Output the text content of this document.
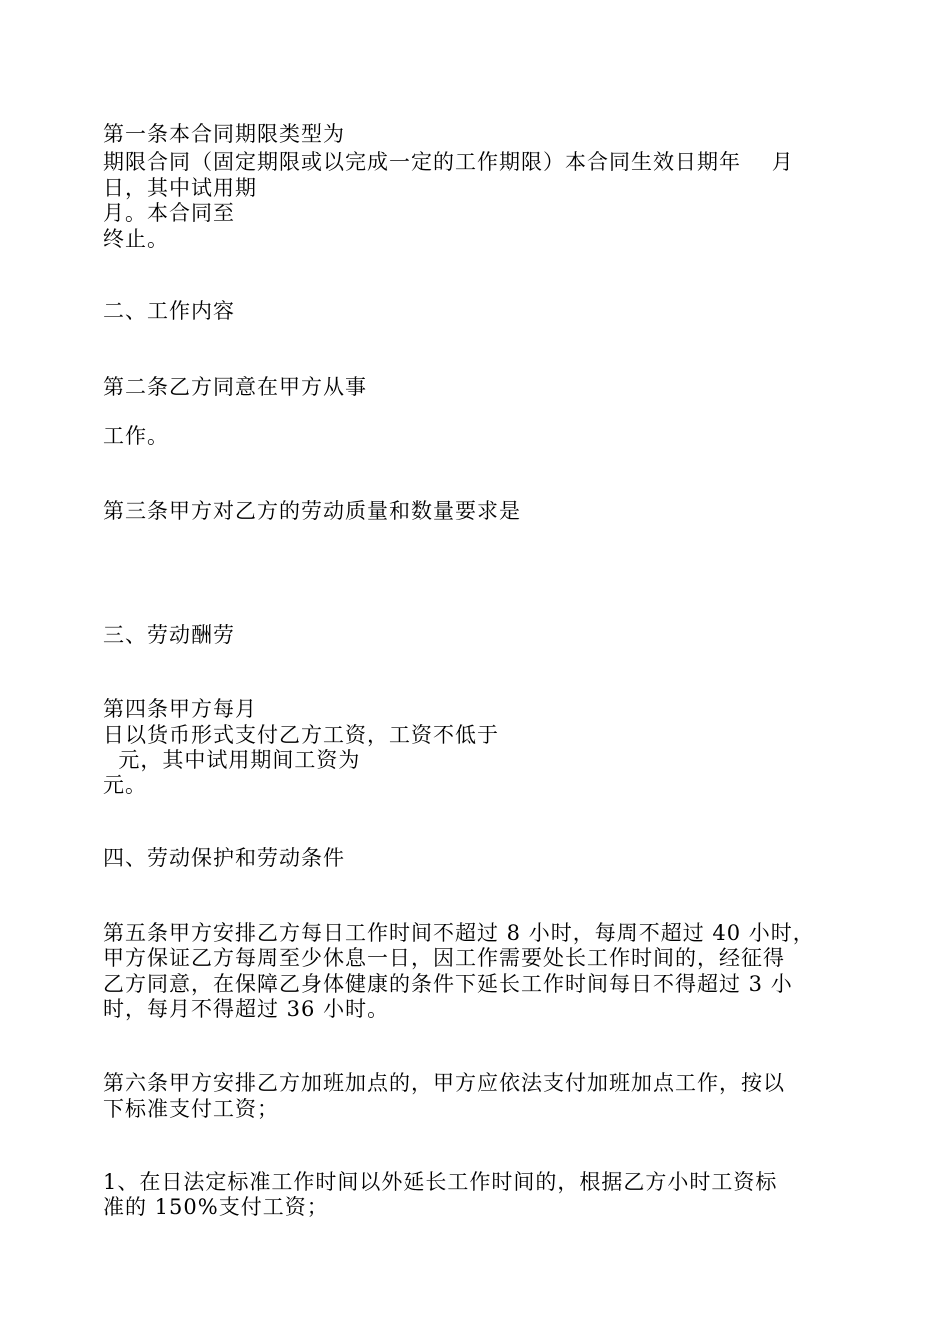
第一条本合同期限类型为
期限合同（固定期限或以完成一定的工作期限）本合同生效日期年    月
日，其中试用期
月。本合同至
终止。
二、工作内容
第二条乙方同意在甲方从事
工作。
第三条甲方对乙方的劳动质量和数量要求是
三、劳动酬劳
第四条甲方每月
日以货币形式支付乙方工资，工资不低于
元，其中试用期间工资为
元。
四、劳动保护和劳动条件
第五条甲方安排乙方每日工作时间不超过 8 小时，每周不超过 40 小时，
甲方保证乙方每周至少休息一日，因工作需要处长工作时间的，经征得
乙方同意，在保障乙身体健康的条件下延长工作时间每日不得超过 3 小
时，每月不得超过 36 小时。
第六条甲方安排乙方加班加点的，甲方应依法支付加班加点工作，按以
下标准支付工资；
1、在日法定标准工作时间以外延长工作时间的，根据乙方小时工资标
准的 150%支付工资；
